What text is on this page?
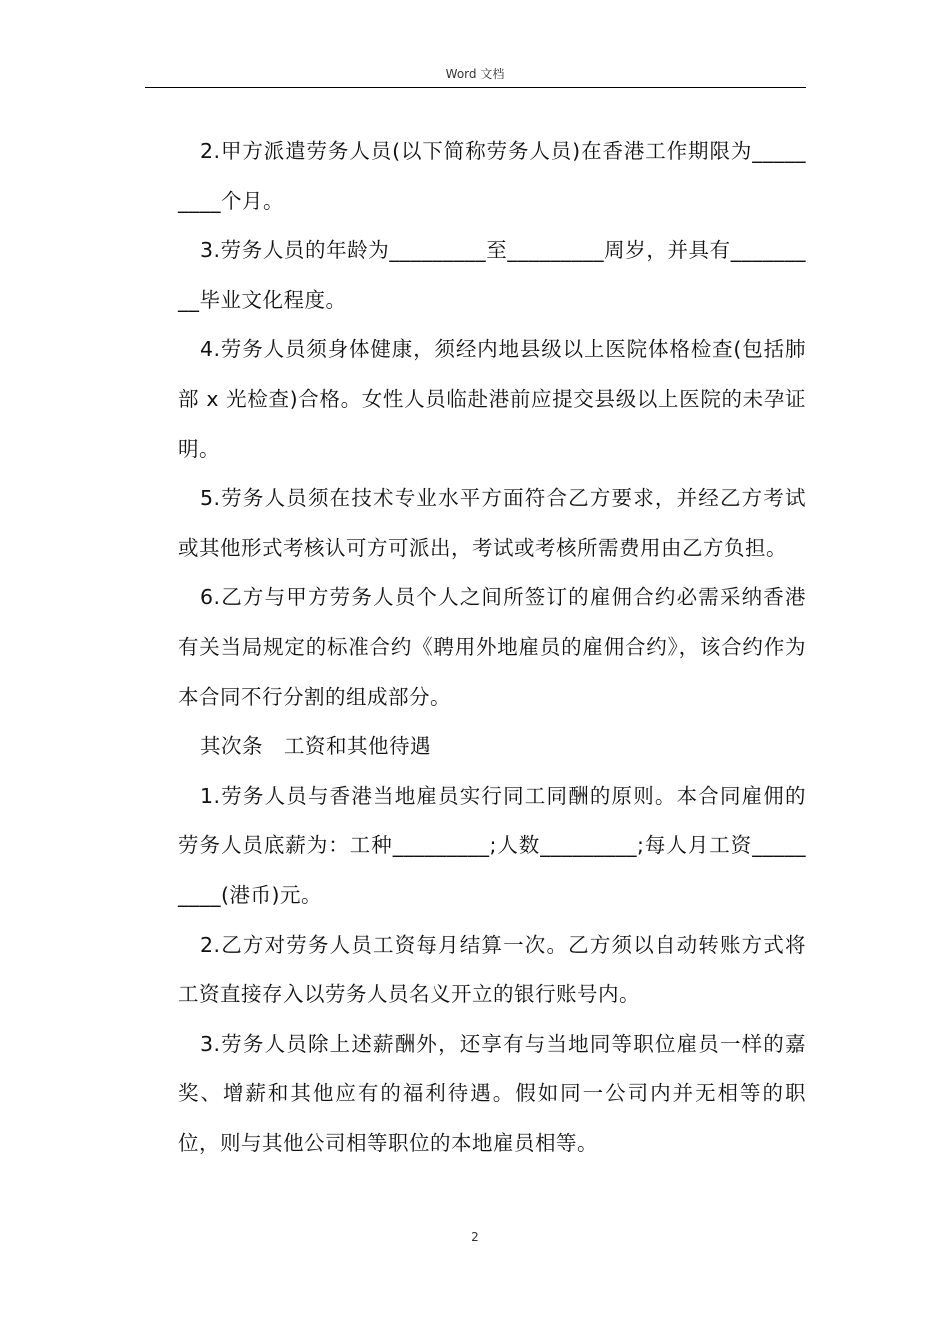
Word 文档

2.甲方派遣劳务人员(以下简称劳务人员)在香港工作期限为_________个月。

3.劳务人员的年龄为_________至_________周岁，并具有_________毕业文化程度。

4.劳务人员须身体健康，须经内地县级以上医院体格检查(包括肺部 x 光检查)合格。女性人员临赴港前应提交县级以上医院的未孕证明。

5.劳务人员须在技术专业水平方面符合乙方要求，并经乙方考试或其他形式考核认可方可派出，考试或考核所需费用由乙方负担。

6.乙方与甲方劳务人员个人之间所签订的雇佣合约必需采纳香港有关当局规定的标准合约《聘用外地雇员的雇佣合约》，该合约作为本合同不行分割的组成部分。

其次条　工资和其他待遇

1.劳务人员与香港当地雇员实行同工同酬的原则。本合同雇佣的劳务人员底薪为：工种_________;人数_________;每人月工资_________(港币)元。

2.乙方对劳务人员工资每月结算一次。乙方须以自动转账方式将工资直接存入以劳务人员名义开立的银行账号内。

3.劳务人员除上述薪酬外，还享有与当地同等职位雇员一样的嘉奖、增薪和其他应有的福利待遇。假如同一公司内并无相等的职位，则与其他公司相等职位的本地雇员相等。

2
